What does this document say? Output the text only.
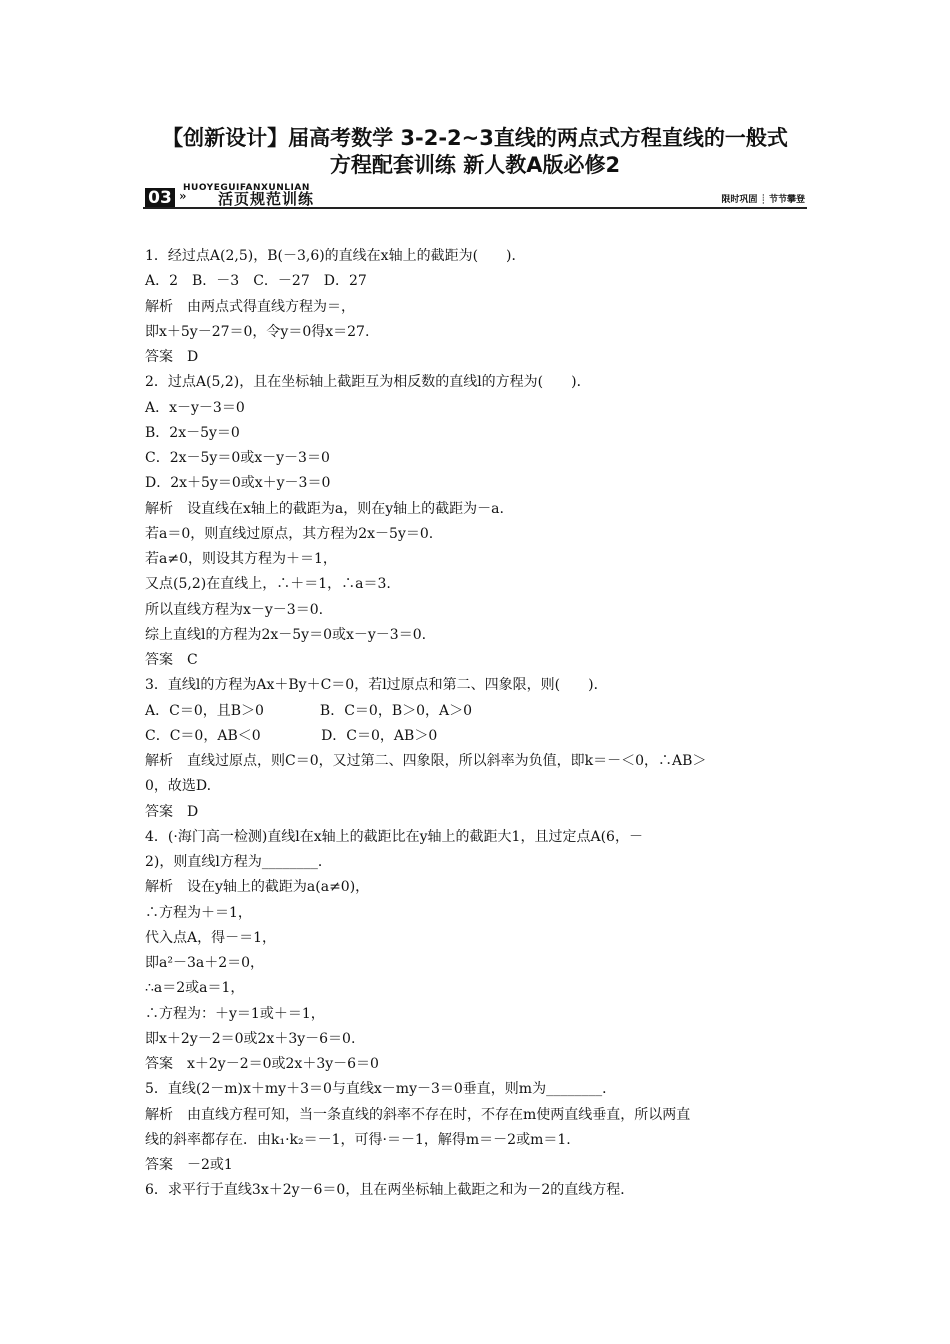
【创新设计】届高考数学 3-2-2~3直线的两点式方程直线的一般式
方程配套训练 新人教A版必修2
HUOYEGUIFANXUNLIAN
03 » 活页规范训练	限时巩固 ┊ 节节攀登
1．经过点A(2,5)，B(－3,6)的直线在x轴上的截距为(　　)．
A．2　B．－3　C．－27　D．27
解析　由两点式得直线方程为＝，
即x＋5y－27＝0，令y＝0得x＝27.
答案　D
2．过点A(5,2)，且在坐标轴上截距互为相反数的直线l的方程为(　　)．
A．x－y－3＝0
B．2x－5y＝0
C．2x－5y＝0或x－y－3＝0
D．2x＋5y＝0或x＋y－3＝0
解析　设直线在x轴上的截距为a，则在y轴上的截距为－a.
若a＝0，则直线过原点，其方程为2x－5y＝0.
若a≠0，则设其方程为＋＝1，
又点(5,2)在直线上，∴＋＝1，∴a＝3.
所以直线方程为x－y－3＝0.
综上直线l的方程为2x－5y＝0或x－y－3＝0.
答案　C
3．直线l的方程为Ax＋By＋C＝0，若l过原点和第二、四象限，则(　　)．
A．C＝0，且B＞0　　　　B．C＝0，B＞0，A＞0
C．C＝0，AB＜0　　　　 D．C＝0，AB＞0
解析　直线过原点，则C＝0，又过第二、四象限，所以斜率为负值，即k＝－＜0，∴AB＞
0，故选D.
答案　D
4．(·海门高一检测)直线l在x轴上的截距比在y轴上的截距大1，且过定点A(6，－
2)，则直线l方程为________．
解析　设在y轴上的截距为a(a≠0)，
∴方程为＋＝1，
代入点A，得－＝1，
即a²－3a＋2＝0，
∴a＝2或a＝1，
∴方程为：＋y＝1或＋＝1，
即x＋2y－2＝0或2x＋3y－6＝0.
答案　x＋2y－2＝0或2x＋3y－6＝0
5．直线(2－m)x＋my＋3＝0与直线x－my－3＝0垂直，则m为________．
解析　由直线方程可知，当一条直线的斜率不存在时，不存在m使两直线垂直，所以两直
线的斜率都存在．由k₁·k₂＝－1，可得·＝－1，解得m＝－2或m＝1.
答案　－2或1
6．求平行于直线3x＋2y－6＝0，且在两坐标轴上截距之和为－2的直线方程．
